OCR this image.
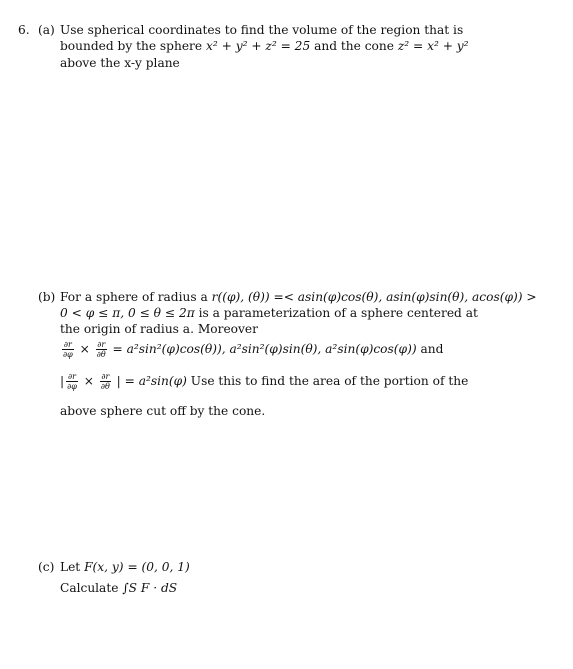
6. (a) Use spherical coordinates to find the volume of the region that is
bounded by the sphere x² + y² + z² = 25 and the cone z² = x² + y²
above the x-y plane
(b) For a sphere of radius a r((φ), (θ)) =< asin(φ)cos(θ), asin(φ)sin(θ), acos(φ)) >
0 < φ ≤ π, 0 ≤ θ ≤ 2π is a parameterization of a sphere centered at
the origin of radius a. Moreover
$\frac{\partial r}{\partial\varphi} \times \frac{\partial r}{\partial\theta} = a^2\sin^2(\varphi)\cos(\theta)$), a²sin²(φ)sin(θ), a²sin(φ)cos(φ)) and
| $\frac{\partial r}{\partial\varphi} \times \frac{\partial r}{\partial\theta}$ | = a²sin(φ) Use this to find the area of the portion of the
above sphere cut off by the cone.
(c) Let F(x, y) = (0, 0, 1)
Calculate ∫S F · dS
